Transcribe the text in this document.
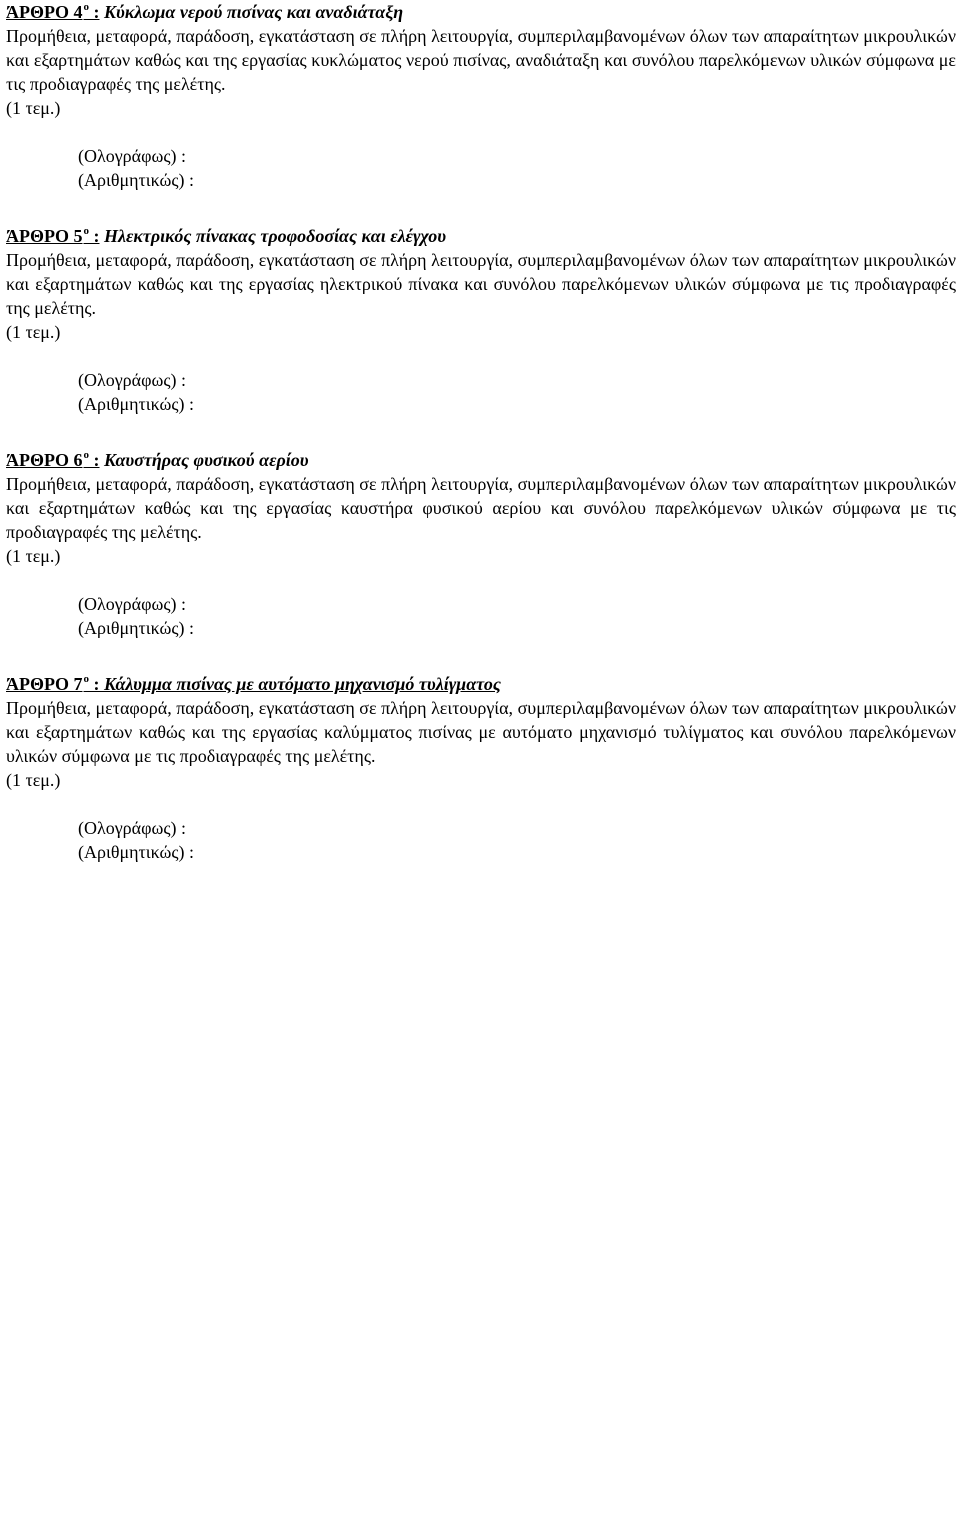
ΆΡΘΡΟ $4^o$ : Κύκλωμα νερού πισίνας και αναδιάταξη

Προμήθεια, μεταφορά, παράδοση, εγκατάσταση σε πλήρη λειτουργία, συμπεριλαμβανομένων όλων των απαραίτητων μικρουλικών και εξαρτημάτων καθώς και της εργασίας κυκλώματος νερού πισίνας, αναδιάταξη και συνόλου παρελκόμενων υλικών σύμφωνα με τις προδιαγραφές της μελέτης.

(1 τεμ.)
(Ολογράφως) :
(Αριθμητικώς) :
ΆΡΘΡΟ $5^o$ : Ηλεκτρικός πίνακας τροφοδοσίας και ελέγχου

Προμήθεια, μεταφορά, παράδοση, εγκατάσταση σε πλήρη λειτουργία, συμπεριλαμβανομένων όλων των απαραίτητων μικρουλικών και εξαρτημάτων καθώς και της εργασίας ηλεκτρικού πίνακα και συνόλου παρελκόμενων υλικών σύμφωνα με τις προδιαγραφές της μελέτης.

(1 τεμ.)
(Ολογράφως) :
(Αριθμητικώς) :
ΆΡΘΡΟ $6^o$ : Καυστήρας φυσικού αερίου

Προμήθεια, μεταφορά, παράδοση, εγκατάσταση σε πλήρη λειτουργία, συμπεριλαμβανομένων όλων των απαραίτητων μικρουλικών και εξαρτημάτων καθώς και της εργασίας καυστήρα φυσικού αερίου και συνόλου παρελκόμενων υλικών σύμφωνα με τις προδιαγραφές της μελέτης.

(1 τεμ.)
(Ολογράφως) :
(Αριθμητικώς) :
ΆΡΘΡΟ $7^o$ : Κάλυμμα πισίνας με αυτόματο μηχανισμό τυλίγματος

Προμήθεια, μεταφορά, παράδοση, εγκατάσταση σε πλήρη λειτουργία, συμπεριλαμβανομένων όλων των απαραίτητων μικρουλικών και εξαρτημάτων καθώς και της εργασίας καλύμματος πισίνας με αυτόματο μηχανισμό τυλίγματος και συνόλου παρελκόμενων υλικών σύμφωνα με τις προδιαγραφές της μελέτης.

(1 τεμ.)
(Ολογράφως) :
(Αριθμητικώς) :
